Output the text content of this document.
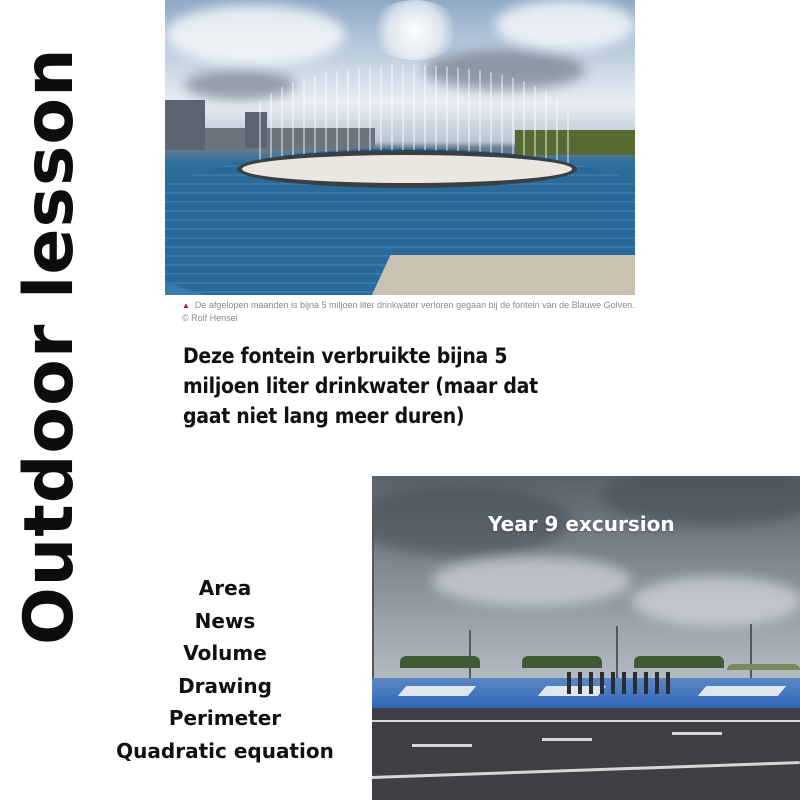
Outdoor lesson	▲ De afgelopen maanden is bijna 5 miljoen liter drinkwater verloren gegaan bij de fontein van de Blauwe Golven. © Rolf Hensel
Deze fontein verbruikte bijna 5 miljoen liter drinkwater (maar dat gaat niet lang meer duren)
Area
News
Volume
Drawing
Perimeter
Quadratic equation
Year 9 excursion
